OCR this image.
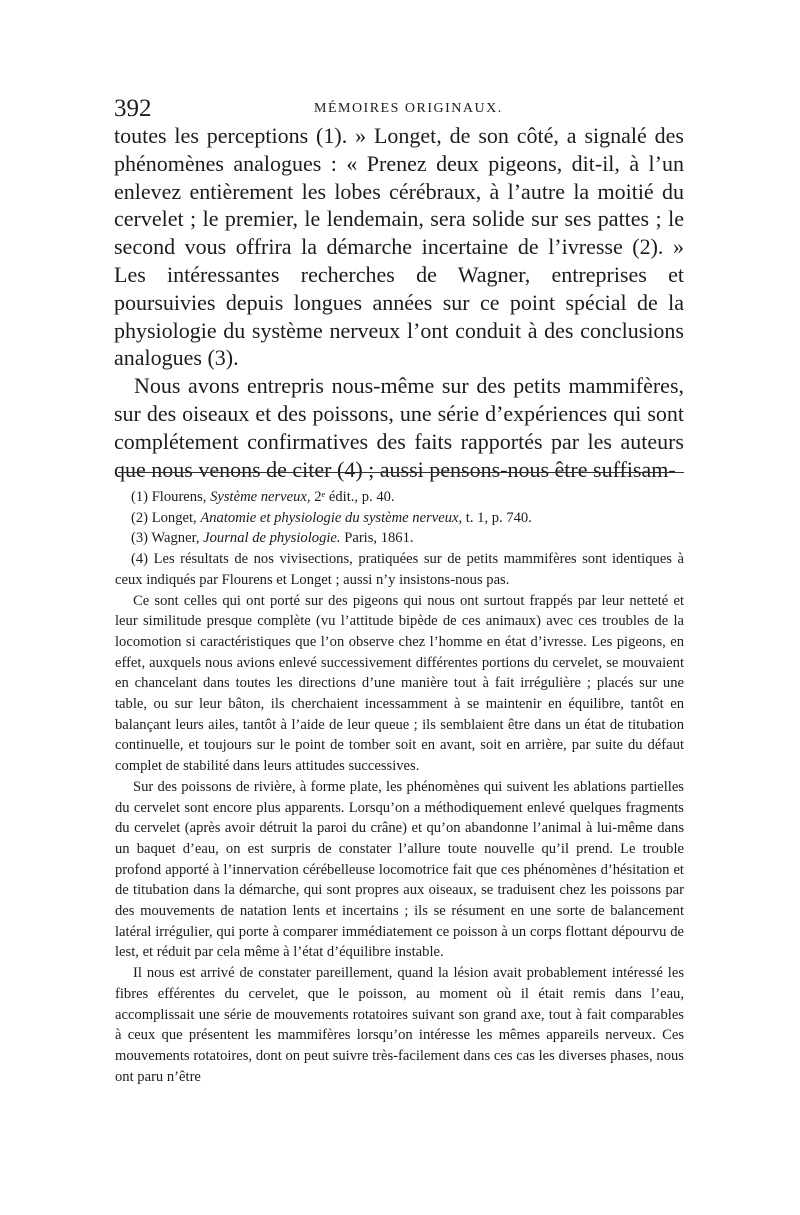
392	MÉMOIRES ORIGINAUX.

toutes les perceptions (1). » Longet, de son côté, a signalé des phénomènes analogues : « Prenez deux pigeons, dit-il, à l’un enlevez entièrement les lobes cérébraux, à l’autre la moitié du cervelet ; le premier, le lendemain, sera solide sur ses pattes ; le second vous offrira la démarche incertaine de l’ivresse (2). » Les intéressantes recherches de Wagner, entreprises et poursuivies depuis longues années sur ce point spécial de la physiologie du système nerveux l’ont conduit à des conclusions analogues (3).

Nous avons entrepris nous-même sur des petits mammifères, sur des oiseaux et des poissons, une série d’expériences qui sont complétement confirmatives des faits rapportés par les auteurs que nous venons de citer (4) ; aussi pensons-nous être suffisam-

(1) Flourens, Système nerveux, 2ᵉ édit., p. 40.

(2) Longet, Anatomie et physiologie du système nerveux, t. 1, p. 740.

(3) Wagner, Journal de physiologie. Paris, 1861.

(4) Les résultats de nos vivisections, pratiquées sur de petits mammifères sont identiques à ceux indiqués par Flourens et Longet ; aussi n’y insistons-nous pas.

Ce sont celles qui ont porté sur des pigeons qui nous ont surtout frappés par leur netteté et leur similitude presque complète (vu l’attitude bipède de ces animaux) avec ces troubles de la locomotion si caractéristiques que l’on observe chez l’homme en état d’ivresse. Les pigeons, en effet, auxquels nous avions enlevé successivement différentes portions du cervelet, se mouvaient en chancelant dans toutes les directions d’une manière tout à fait irrégulière ; placés sur une table, ou sur leur bâton, ils cherchaient incessamment à se maintenir en équilibre, tantôt en balançant leurs ailes, tantôt à l’aide de leur queue ; ils semblaient être dans un état de titubation continuelle, et toujours sur le point de tomber soit en avant, soit en arrière, par suite du défaut complet de stabilité dans leurs attitudes successives.

Sur des poissons de rivière, à forme plate, les phénomènes qui suivent les ablations partielles du cervelet sont encore plus apparents. Lorsqu’on a méthodiquement enlevé quelques fragments du cervelet (après avoir détruit la paroi du crâne) et qu’on abandonne l’animal à lui-même dans un baquet d’eau, on est surpris de constater l’allure toute nouvelle qu’il prend. Le trouble profond apporté à l’innervation cérébelleuse locomotrice fait que ces phénomènes d’hésitation et de titubation dans la démarche, qui sont propres aux oiseaux, se traduisent chez les poissons par des mouvements de natation lents et incertains ; ils se résument en une sorte de balancement latéral irrégulier, qui porte à comparer immédiatement ce poisson à un corps flottant dépourvu de lest, et réduit par cela même à l’état d’équilibre instable.

Il nous est arrivé de constater pareillement, quand la lésion avait probablement intéressé les fibres efférentes du cervelet, que le poisson, au moment où il était remis dans l’eau, accomplissait une série de mouvements rotatoires suivant son grand axe, tout à fait comparables à ceux que présentent les mammifères lorsqu’on intéresse les mêmes appareils nerveux. Ces mouvements rotatoires, dont on peut suivre très-facilement dans ces cas les diverses phases, nous ont paru n’être
